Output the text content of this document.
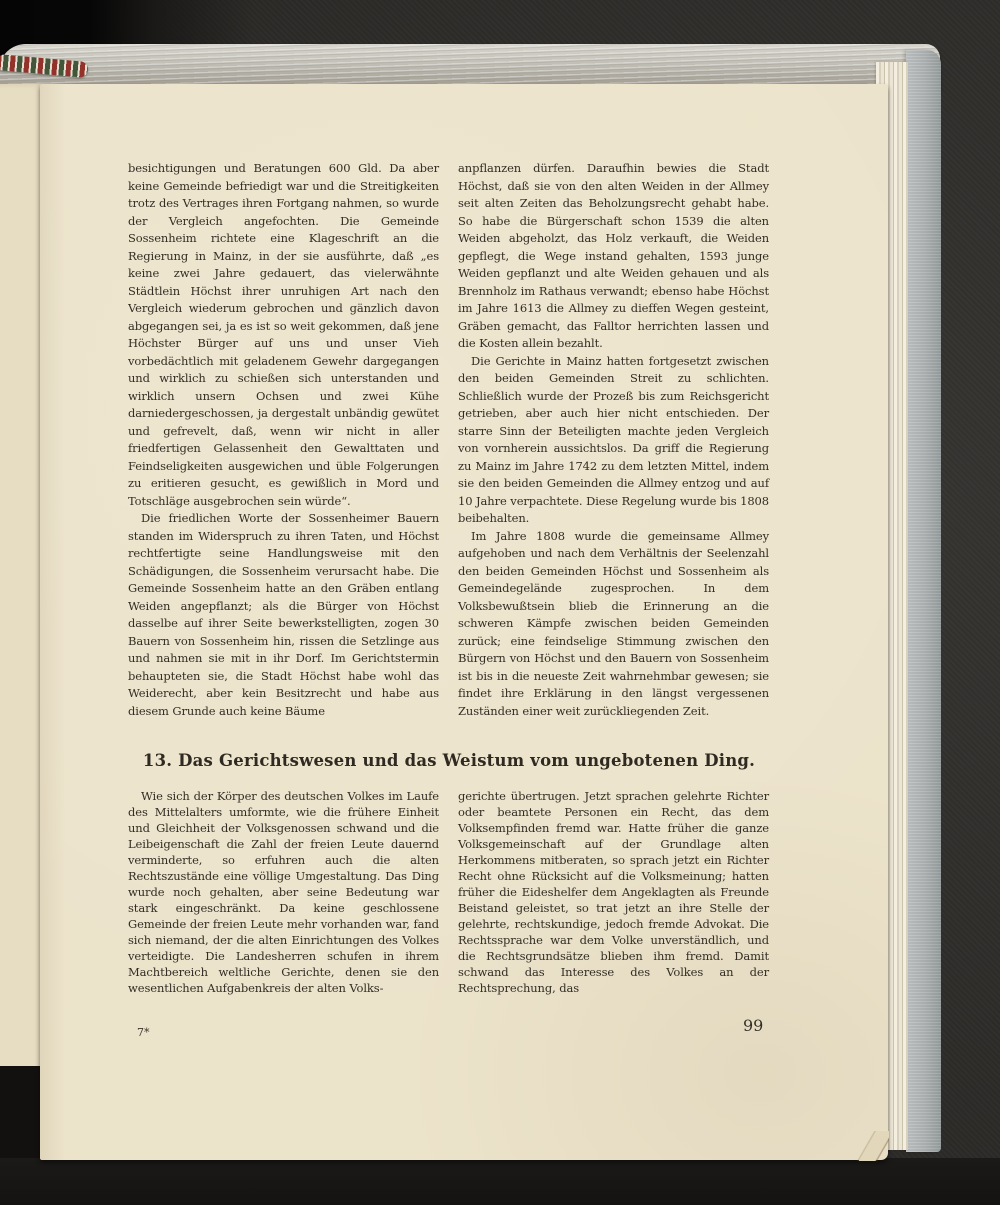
besichtigungen und Beratungen 600 Gld. Da aber keine Gemeinde befriedigt war und die Streitigkeiten trotz des Vertrages ihren Fortgang nahmen, so wurde der Vergleich angefochten. Die Gemeinde Sossenheim richtete eine Klageschrift an die Regierung in Mainz, in der sie ausführte, daß „es keine zwei Jahre gedauert, das vielerwähnte Städtlein Höchst ihrer unruhigen Art nach den Vergleich wiederum gebrochen und gänzlich davon abgegangen sei, ja es ist so weit gekommen, daß jene Höchster Bürger auf uns und unser Vieh vorbedächtlich mit geladenem Gewehr dargegangen und wirklich zu schießen sich unterstanden und wirklich unsern Ochsen und zwei Kühe darniedergeschossen, ja dergestalt unbändig gewütet und gefrevelt, daß, wenn wir nicht in aller friedfertigen Gelassenheit den Gewalttaten und Feindseligkeiten ausgewichen und üble Folgerungen zu eritieren gesucht, es gewißlich in Mord und Totschläge ausgebrochen sein würde“.

Die friedlichen Worte der Sossenheimer Bauern standen im Widerspruch zu ihren Taten, und Höchst rechtfertigte seine Handlungsweise mit den Schädigungen, die Sossenheim verursacht habe. Die Gemeinde Sossenheim hatte an den Gräben entlang Weiden angepflanzt; als die Bürger von Höchst dasselbe auf ihrer Seite bewerkstelligten, zogen 30 Bauern von Sossenheim hin, rissen die Setzlinge aus und nahmen sie mit in ihr Dorf. Im Gerichtstermin behaupteten sie, die Stadt Höchst habe wohl das Weiderecht, aber kein Besitzrecht und habe aus diesem Grunde auch keine Bäume

anpflanzen dürfen. Daraufhin bewies die Stadt Höchst, daß sie von den alten Weiden in der Allmey seit alten Zeiten das Beholzungsrecht gehabt habe. So habe die Bürgerschaft schon 1539 die alten Weiden abgeholzt, das Holz verkauft, die Weiden gepflegt, die Wege instand gehalten, 1593 junge Weiden gepflanzt und alte Weiden gehauen und als Brennholz im Rathaus verwandt; ebenso habe Höchst im Jahre 1613 die Allmey zu dieffen Wegen gesteint, Gräben gemacht, das Falltor herrichten lassen und die Kosten allein bezahlt.

Die Gerichte in Mainz hatten fortgesetzt zwischen den beiden Gemeinden Streit zu schlichten. Schließlich wurde der Prozeß bis zum Reichsgericht getrieben, aber auch hier nicht entschieden. Der starre Sinn der Beteiligten machte jeden Vergleich von vornherein aussichtslos. Da griff die Regierung zu Mainz im Jahre 1742 zu dem letzten Mittel, indem sie den beiden Gemeinden die Allmey entzog und auf 10 Jahre verpachtete. Diese Regelung wurde bis 1808 beibehalten.

Im Jahre 1808 wurde die gemeinsame Allmey aufgehoben und nach dem Verhältnis der Seelenzahl den beiden Gemeinden Höchst und Sossenheim als Gemeindegelände zugesprochen. In dem Volksbewußtsein blieb die Erinnerung an die schweren Kämpfe zwischen beiden Gemeinden zurück; eine feindselige Stimmung zwischen den Bürgern von Höchst und den Bauern von Sossenheim ist bis in die neueste Zeit wahrnehmbar gewesen; sie findet ihre Erklärung in den längst vergessenen Zuständen einer weit zurückliegenden Zeit.

13. Das Gerichtswesen und das Weistum vom ungebotenen Ding.

Wie sich der Körper des deutschen Volkes im Laufe des Mittelalters umformte, wie die frühere Einheit und Gleichheit der Volksgenossen schwand und die Leibeigenschaft die Zahl der freien Leute dauernd verminderte, so erfuhren auch die alten Rechtszustände eine völlige Umgestaltung. Das Ding wurde noch gehalten, aber seine Bedeutung war stark eingeschränkt. Da keine geschlossene Gemeinde der freien Leute mehr vorhanden war, fand sich niemand, der die alten Einrichtungen des Volkes verteidigte. Die Landesherren schufen in ihrem Machtbereich weltliche Gerichte, denen sie den wesentlichen Aufgabenkreis der alten Volks-

gerichte übertrugen. Jetzt sprachen gelehrte Richter oder beamtete Personen ein Recht, das dem Volksempfinden fremd war. Hatte früher die ganze Volksgemeinschaft auf der Grundlage alten Herkommens mitberaten, so sprach jetzt ein Richter Recht ohne Rücksicht auf die Volksmeinung; hatten früher die Eideshelfer dem Angeklagten als Freunde Beistand geleistet, so trat jetzt an ihre Stelle der gelehrte, rechtskundige, jedoch fremde Advokat. Die Rechtssprache war dem Volke unverständlich, und die Rechtsgrundsätze blieben ihm fremd. Damit schwand das Interesse des Volkes an der Rechtsprechung, das

7*	99
